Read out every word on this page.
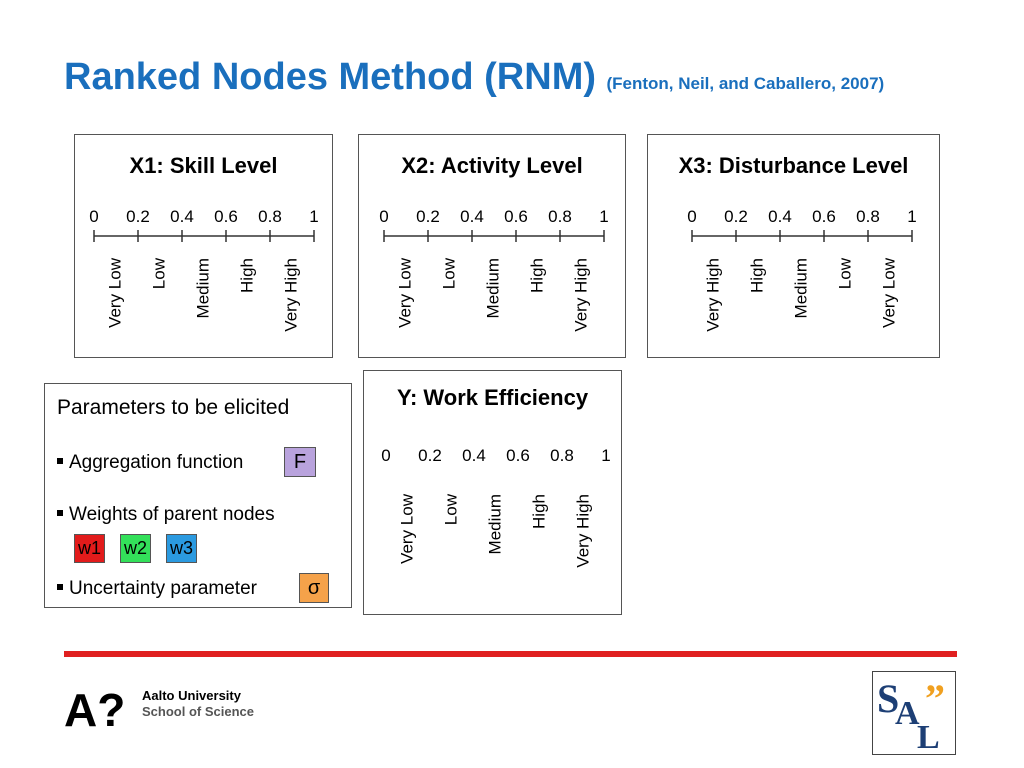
Ranked Nodes Method (RNM) (Fenton, Neil, and Caballero, 2007)
X1: Skill Level
0 0.2 0.4 0.6 0.8 1
Very Low Low Medium High Very High
X2: Activity Level
0 0.2 0.4 0.6 0.8 1
Very Low Low Medium High Very High
X3: Disturbance Level
0 0.2 0.4 0.6 0.8 1
Very High High Medium Low Very Low
Parameters to be elicited
Aggregation function	F
Weights of parent nodes
w1 w2 w3
Uncertainty parameter	σ
Y: Work Efficiency
0 0.2 0.4 0.6 0.8 1
Very Low Low Medium High Very High
A? Aalto University
School of Science	S
A
L
”
